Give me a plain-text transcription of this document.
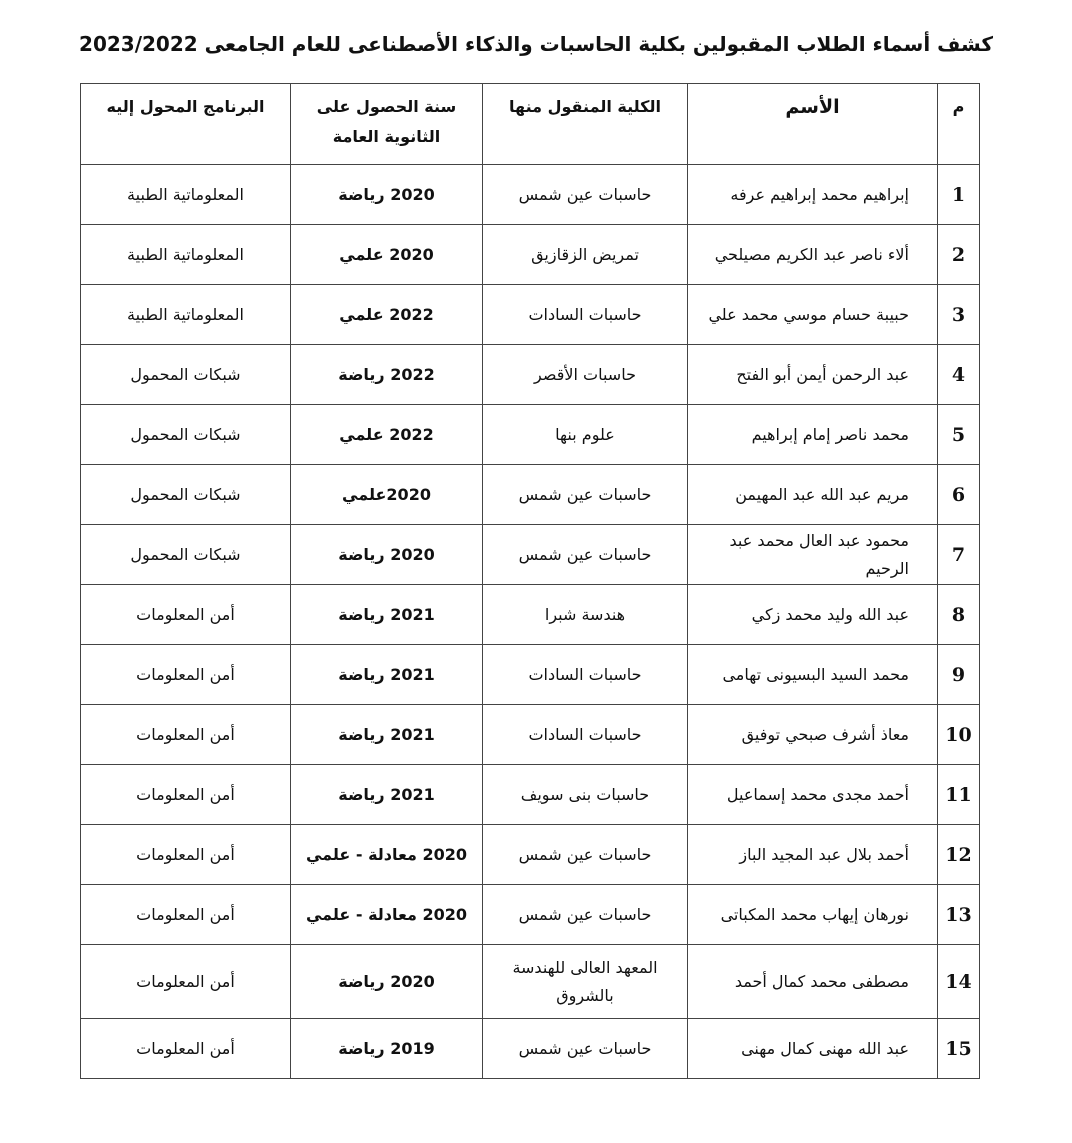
كشف أسماء الطلاب المقبولين بكلية الحاسبات والذكاء الأصطناعى للعام الجامعى 2023/2022
م	الأسم	الكلية المنقول منها	سنة الحصول على الثانوية العامة	البرنامج المحول إليه
1	إبراهيم محمد إبراهيم عرفه	حاسبات عين شمس	2020 رياضة	المعلوماتية الطبية
2	ألاء ناصر عبد الكريم مصيلحي	تمريض الزقازيق	2020 علمي	المعلوماتية الطبية
3	حبيبة حسام موسي محمد علي	حاسبات السادات	2022 علمي	المعلوماتية الطبية
4	عبد الرحمن أيمن أبو الفتح	حاسبات الأقصر	2022 رياضة	شبكات المحمول
5	محمد ناصر إمام إبراهيم	علوم بنها	2022 علمي	شبكات المحمول
6	مريم عبد الله عبد المهيمن	حاسبات عين شمس	2020علمي	شبكات المحمول
7	محمود عبد العال محمد عبد الرحيم	حاسبات عين شمس	2020 رياضة	شبكات المحمول
8	عبد الله وليد محمد زكي	هندسة شبرا	2021 رياضة	أمن المعلومات
9	محمد السيد البسيونى تهامى	حاسبات السادات	2021 رياضة	أمن المعلومات
10	معاذ أشرف صبحي توفيق	حاسبات السادات	2021 رياضة	أمن المعلومات
11	أحمد مجدى محمد إسماعيل	حاسبات بنى سويف	2021 رياضة	أمن المعلومات
12	أحمد بلال عبد المجيد الباز	حاسبات عين شمس	2020 معادلة - علمي	أمن المعلومات
13	نورهان إيهاب محمد المكباتى	حاسبات عين شمس	2020 معادلة - علمي	أمن المعلومات
14	مصطفى محمد كمال أحمد	المعهد العالى للهندسة بالشروق	2020 رياضة	أمن المعلومات
15	عبد الله مهنى كمال مهنى	حاسبات عين شمس	2019 رياضة	أمن المعلومات
